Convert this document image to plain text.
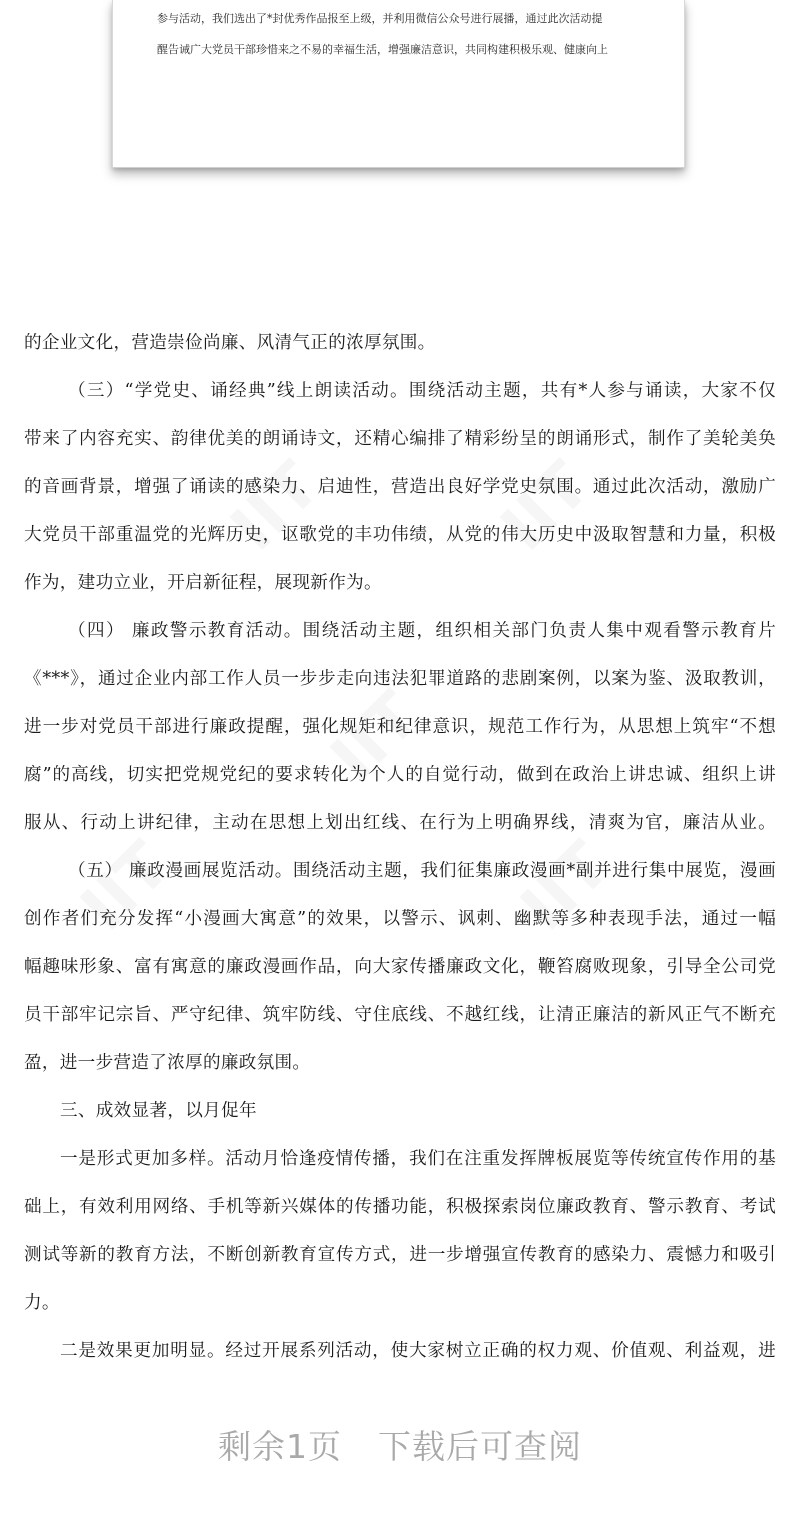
参与活动，我们选出了*封优秀作品报至上级，并利用微信公众号进行展播，通过此次活动提
醒告诫广大党员干部珍惜来之不易的幸福生活，增强廉洁意识，共同构建积极乐观、健康向上
的企业文化，营造崇俭尚廉、风清气正的浓厚氛围。
（三）“学党史、诵经典”线上朗读活动。围绕活动主题，共有*人参与诵读，大家不仅
带来了内容充实、韵律优美的朗诵诗文，还精心编排了精彩纷呈的朗诵形式，制作了美轮美奂
的音画背景，增强了诵读的感染力、启迪性，营造出良好学党史氛围。通过此次活动，激励广
大党员干部重温党的光辉历史，讴歌党的丰功伟绩，从党的伟大历史中汲取智慧和力量，积极
作为，建功立业，开启新征程，展现新作为。
（四） 廉政警示教育活动。围绕活动主题，组织相关部门负责人集中观看警示教育片
《***》，通过企业内部工作人员一步步走向违法犯罪道路的悲剧案例，以案为鉴、汲取教训，
进一步对党员干部进行廉政提醒，强化规矩和纪律意识，规范工作行为，从思想上筑牢“不想
腐”的高线，切实把党规党纪的要求转化为个人的自觉行动，做到在政治上讲忠诚、组织上讲
服从、行动上讲纪律，主动在思想上划出红线、在行为上明确界线，清爽为官，廉洁从业。
（五） 廉政漫画展览活动。围绕活动主题，我们征集廉政漫画*副并进行集中展览，漫画
创作者们充分发挥“小漫画大寓意”的效果，以警示、讽刺、幽默等多种表现手法，通过一幅
幅趣味形象、富有寓意的廉政漫画作品，向大家传播廉政文化，鞭笞腐败现象，引导全公司党
员干部牢记宗旨、严守纪律、筑牢防线、守住底线、不越红线，让清正廉洁的新风正气不断充
盈，进一步营造了浓厚的廉政氛围。
三、成效显著，以月促年
一是形式更加多样。活动月恰逢疫情传播，我们在注重发挥牌板展览等传统宣传作用的基
础上，有效利用网络、手机等新兴媒体的传播功能，积极探索岗位廉政教育、警示教育、考试
测试等新的教育方法，不断创新教育宣传方式，进一步增强宣传教育的感染力、震憾力和吸引
力。
二是效果更加明显。经过开展系列活动，使大家树立正确的权力观、价值观、利益观，进
剩余1页 下载后可查阅
